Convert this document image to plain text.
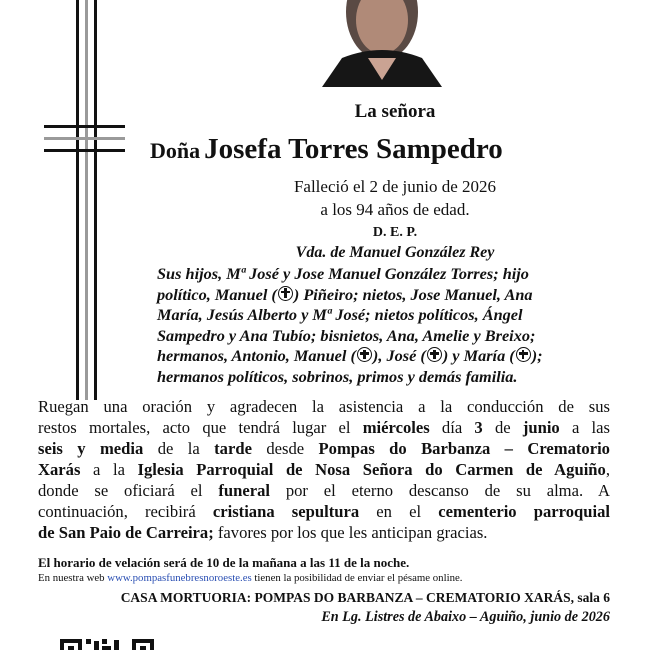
La señora
Doña Josefa Torres Sampedro
Falleció el 2 de junio de 2026
a los 94 años de edad.
D. E. P.
Vda. de Manuel González Rey

Sus hijos, Mª José y Jose Manuel González Torres; hijo

político, Manuel ( ) Piñeiro; nietos, Jose Manuel, Ana

María, Jesús Alberto y Mª José; nietos políticos, Ángel

Sampedro y Ana Tubío; bisnietos, Ana, Amelie y Breixo;

hermanos, Antonio, Manuel ( ), José ( ) y María ( );

hermanos políticos, sobrinos, primos y demás familia.

Ruegan una oración y agradecen la asistencia a la conducción de sus

restos mortales, acto que tendrá lugar el miércoles día 3 de junio a las

seis y media de la tarde desde Pompas do Barbanza – Crematorio

Xarás a la Iglesia Parroquial de Nosa Señora do Carmen de Aguiño,

donde se oficiará el funeral por el eterno descanso de su alma. A

continuación, recibirá cristiana sepultura en el cementerio parroquial

de San Paio de Carreira; favores por los que les anticipan gracias.

El horario de velación será de 10 de la mañana a las 11 de la noche.
En nuestra web www.pompasfunebresnoroeste.es tienen la posibilidad de enviar el pésame online.
CASA MORTUORIA: POMPAS DO BARBANZA – CREMATORIO XARÁS, sala 6
En Lg. Listres de Abaixo – Aguiño, junio de 2026
